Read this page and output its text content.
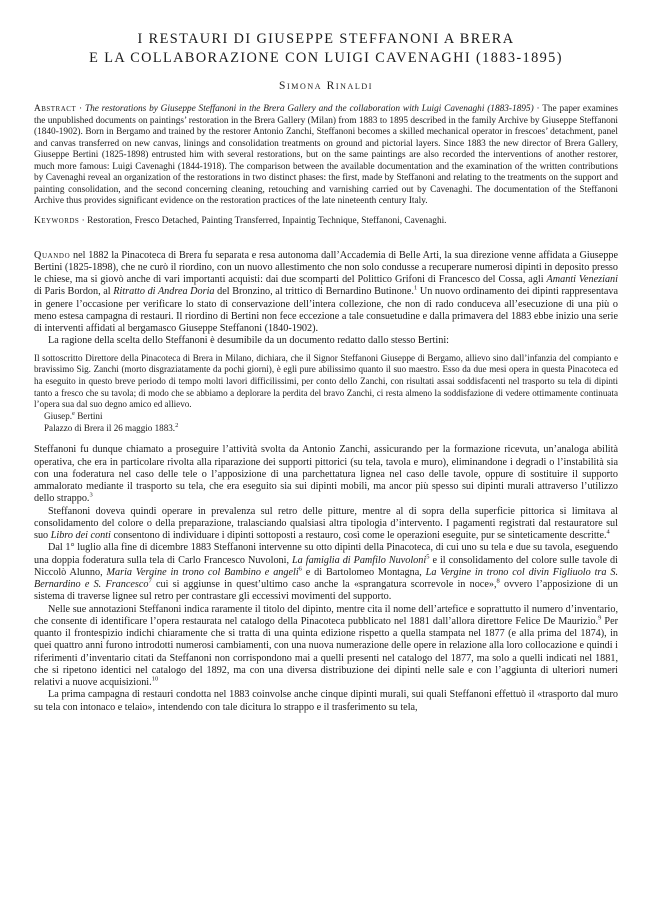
I RESTAURI DI GIUSEPPE STEFFANONI A BRERA
E LA COLLABORAZIONE CON LUIGI CAVENAGHI (1883-1895)
Simona Rinaldi

Abstract · The restorations by Giuseppe Steffanoni in the Brera Gallery and the collaboration with Luigi Cavenaghi (1883-1895) · The paper examines the unpublished documents on paintings’ restoration in the Brera Gallery (Milan) from 1883 to 1895 described in the family Archive by Giuseppe Steffanoni (1840-1902). Born in Bergamo and trained by the restorer Antonio Zanchi, Steffanoni becomes a skilled mechanical operator in frescoes’ detachment, panel and canvas transferred on new canvas, linings and consolidation treatments on ground and pictorial layers. Since 1883 the new director of Brera Gallery, Giuseppe Bertini (1825-1898) entrusted him with several restorations, but on the same paintings are also recorded the interventions of another restorer, much more famous: Luigi Cavenaghi (1844-1918). The comparison between the available documentation and the examination of the written contributions by Cavenaghi reveal an organization of the restorations in two distinct phases: the first, made by Steffanoni and relating to the treatments on the support and painting consolidation, and the second concerning cleaning, retouching and varnishing carried out by Cavenaghi. The documentation of the Steffanoni Archive thus provides significant evidence on the restoration practices of the late nineteenth century Italy.

Keywords · Restoration, Fresco Detached, Painting Transferred, Inpaintig Technique, Steffanoni, Cavenaghi.

Quando nel 1882 la Pinacoteca di Brera fu separata e resa autonoma dall’Accademia di Belle Arti, la sua direzione venne affidata a Giuseppe Bertini (1825-1898), che ne curò il riordino, con un nuovo allestimento che non solo condusse a recuperare numerosi dipinti in deposito presso le chiese, ma si giovò anche di vari importanti acquisti: dai due scomparti del Polittico Grifoni di Francesco del Cossa, agli Amanti Veneziani di Paris Bordon, al Ritratto di Andrea Doria del Bronzino, al trittico di Bernardino Butinone.$^1$ Un nuovo ordinamento dei dipinti rappresentava in genere l’occasione per verificare lo stato di conservazione dell’intera collezione, che non di rado conduceva all’esecuzione di una più o meno estesa campagna di restauri. Il riordino di Bertini non fece eccezione a tale consuetudine e dalla primavera del 1883 ebbe inizio una serie di interventi affidati al bergamasco Giuseppe Steffanoni (1840-1902).

La ragione della scelta dello Steffanoni è desumibile da un documento redatto dallo stesso Bertini:

Il sottoscritto Direttore della Pinacoteca di Brera in Milano, dichiara, che il Signor Steffanoni Giuseppe di Bergamo, allievo sino dall’infanzia del compianto e bravissimo Sig. Zanchi (morto disgraziatamente da pochi giorni), è egli pure abilissimo quanto il suo maestro. Esso da due mesi opera in questa Pinacoteca ed ha eseguito in questo breve periodo di tempo molti lavori difficilissimi, per conto dello Zanchi, con risultati assai soddisfacenti nel trasporto su tela di dipinti tanto a fresco che su tavola; di modo che se abbiamo a deplorare la perdita del bravo Zanchi, ci resta almeno la soddisfazione di vedere ottimamente continuata l’opera sua dal suo degno amico ed allievo.

Giusep.$^e$ Bertini

Palazzo di Brera il 26 maggio 1883.$^2$

Steffanoni fu dunque chiamato a proseguire l’attività svolta da Antonio Zanchi, assicurando per la formazione ricevuta, un’analoga abilità operativa, che era in particolare rivolta alla riparazione dei supporti pittorici (su tela, tavola e muro), eliminandone i degradi o l’instabilità sia con una foderatura nel caso delle tele o l’apposizione di una parchettatura lignea nel caso delle tavole, oppure di sostituire il supporto ammalorato mediante il trasporto su tela, che era eseguito sia sui dipinti mobili, ma ancor più spesso sui dipinti murali attraverso l’utilizzo dello strappo.$^3$

Steffanoni doveva quindi operare in prevalenza sul retro delle pitture, mentre al di sopra della superficie pittorica si limitava al consolidamento del colore o della preparazione, tralasciando qualsiasi altra tipologia d’intervento. I pagamenti registrati dal restauratore sul suo Libro dei conti consentono di individuare i dipinti sottoposti a restauro, così come le operazioni eseguite, pur se sinteticamente descritte.$^4$

Dal 1° luglio alla fine di dicembre 1883 Steffanoni intervenne su otto dipinti della Pinacoteca, di cui uno su tela e due su tavola, eseguendo una doppia foderatura sulla tela di Carlo Francesco Nuvoloni, La famiglia di Pamfilo Nuvoloni$^5$ e il consolidamento del colore sulle tavole di Niccolò Alunno, Maria Vergine in trono col Bambino e angeli$^6$ e di Bartolomeo Montagna, La Vergine in trono col divin Figliuolo tra S. Bernardino e S. Francesco$^7$ cui si aggiunse in quest’ultimo caso anche la «sprangatura scorrevole in noce»,$^8$ ovvero l’apposizione di un sistema di traverse lignee sul retro per contrastare gli eccessivi movimenti del supporto.

Nelle sue annotazioni Steffanoni indica raramente il titolo del dipinto, mentre cita il nome dell’artefice e soprattutto il numero d’inventario, che consente di identificare l’opera restaurata nel catalogo della Pinacoteca pubblicato nel 1881 dall’allora direttore Felice De Maurizio.$^9$ Per quanto il frontespizio indichi chiaramente che si tratta di una quinta edizione rispetto a quella stampata nel 1877 (e alla prima del 1874), in quei quattro anni furono introdotti numerosi cambiamenti, con una nuova numerazione delle opere in relazione alla loro collocazione e quindi i riferimenti d’inventario citati da Steffanoni non corrispondono mai a quelli presenti nel catalogo del 1877, ma solo a quelli indicati nel 1881, che si ripetono identici nel catalogo del 1892, ma con una diversa distribuzione dei dipinti nelle sale e con l’aggiunta di ulteriori numeri relativi a nuove acquisizioni.$^{10}$

La prima campagna di restauri condotta nel 1883 coinvolse anche cinque dipinti murali, sui quali Steffanoni effettuò il «trasporto dal muro su tela con intonaco e telaio», intendendo con tale dicitura lo strappo e il trasferimento su tela,
